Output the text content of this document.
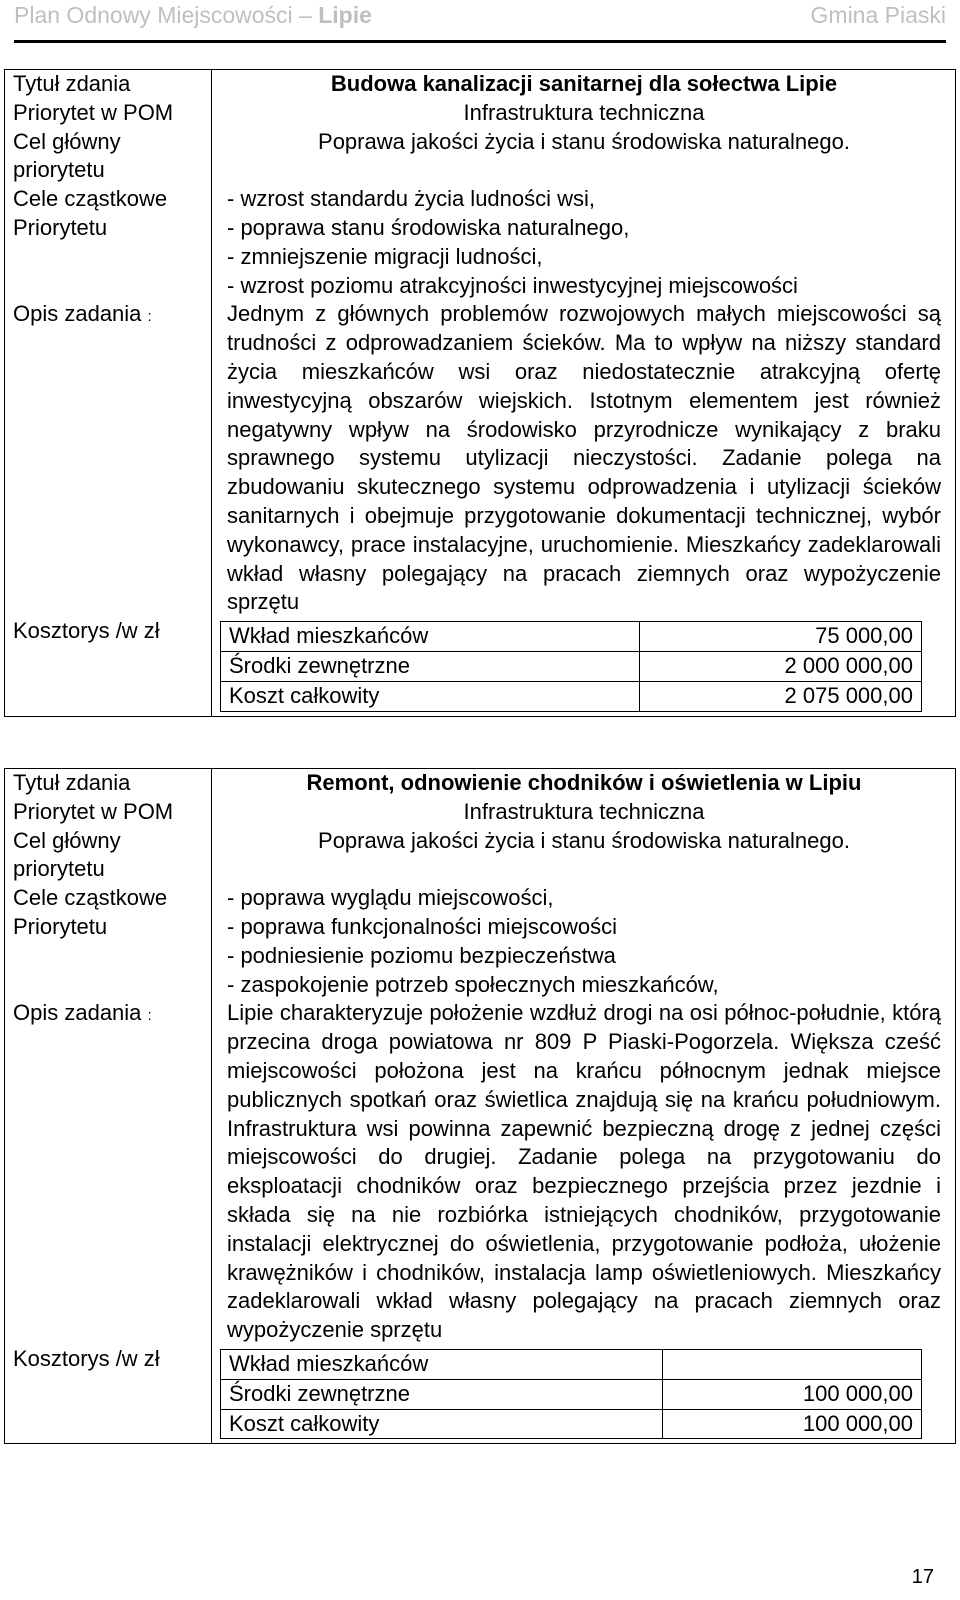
Plan Odnowy Miejscowości – Lipie	Gmina Piaski
Tytuł zdania	Budowa kanalizacji sanitarnej dla sołectwa Lipie
Priorytet w POM	Infrastruktura techniczna
Cel główny priorytetu	Poprawa jakości życia i stanu środowiska naturalnego.
Cele cząstkowe Priorytetu	
- wzrost standardu życia ludności wsi,
- poprawa stanu środowiska naturalnego,
- zmniejszenie migracji ludności,
- wzrost poziomu atrakcyjności inwestycyjnej miejscowości

Opis zadania :	Jednym z głównych problemów rozwojowych małych miejscowości są trudności z odprowadzaniem ścieków. Ma to wpływ na niższy standard życia mieszkańców wsi oraz niedostatecznie atrakcyjną ofertę inwestycyjną obszarów wiejskich. Istotnym elementem jest również negatywny wpływ na środowisko przyrodnicze wynikający z braku sprawnego systemu utylizacji nieczystości. Zadanie polega na zbudowaniu skutecznego systemu odprowadzenia i utylizacji ścieków sanitarnych i obejmuje przygotowanie dokumentacji technicznej, wybór wykonawcy, prace instalacyjne, uruchomienie. Mieszkańcy zadeklarowali wkład własny polegający na pracach ziemnych oraz wypożyczenie sprzętu
Kosztorys /w zł		Wkład mieszkańców	75 000,00
Środki zewnętrzne	2 000 000,00
Koszt całkowity	2 075 000,00
Tytuł zdania	Remont, odnowienie chodników i oświetlenia w Lipiu
Priorytet w POM	Infrastruktura techniczna
Cel główny priorytetu	Poprawa jakości życia i stanu środowiska naturalnego.
Cele cząstkowe Priorytetu	
- poprawa wyglądu miejscowości,
- poprawa funkcjonalności miejscowości
- podniesienie poziomu bezpieczeństwa
- zaspokojenie potrzeb społecznych mieszkańców,

Opis zadania :	Lipie charakteryzuje położenie wzdłuż drogi na osi północ-południe, którą przecina droga powiatowa nr 809 P Piaski-Pogorzela. Większa cześć miejscowości położona jest na krańcu północnym jednak miejsce publicznych spotkań oraz świetlica znajdują się na krańcu południowym. Infrastruktura wsi powinna zapewnić bezpieczną drogę z jednej części miejscowości do drugiej. Zadanie polega na przygotowaniu do eksploatacji chodników oraz bezpiecznego przejścia przez jezdnie i składa się na nie rozbiórka istniejących chodników, przygotowanie instalacji elektrycznej do oświetlenia, przygotowanie podłoża, ułożenie krawężników i chodników, instalacja lamp oświetleniowych. Mieszkańcy zadeklarowali wkład własny polegający na pracach ziemnych oraz wypożyczenie sprzętu
Kosztorys /w zł		Wkład mieszkańców	
Środki zewnętrzne	100 000,00
Koszt całkowity	100 000,00
17
